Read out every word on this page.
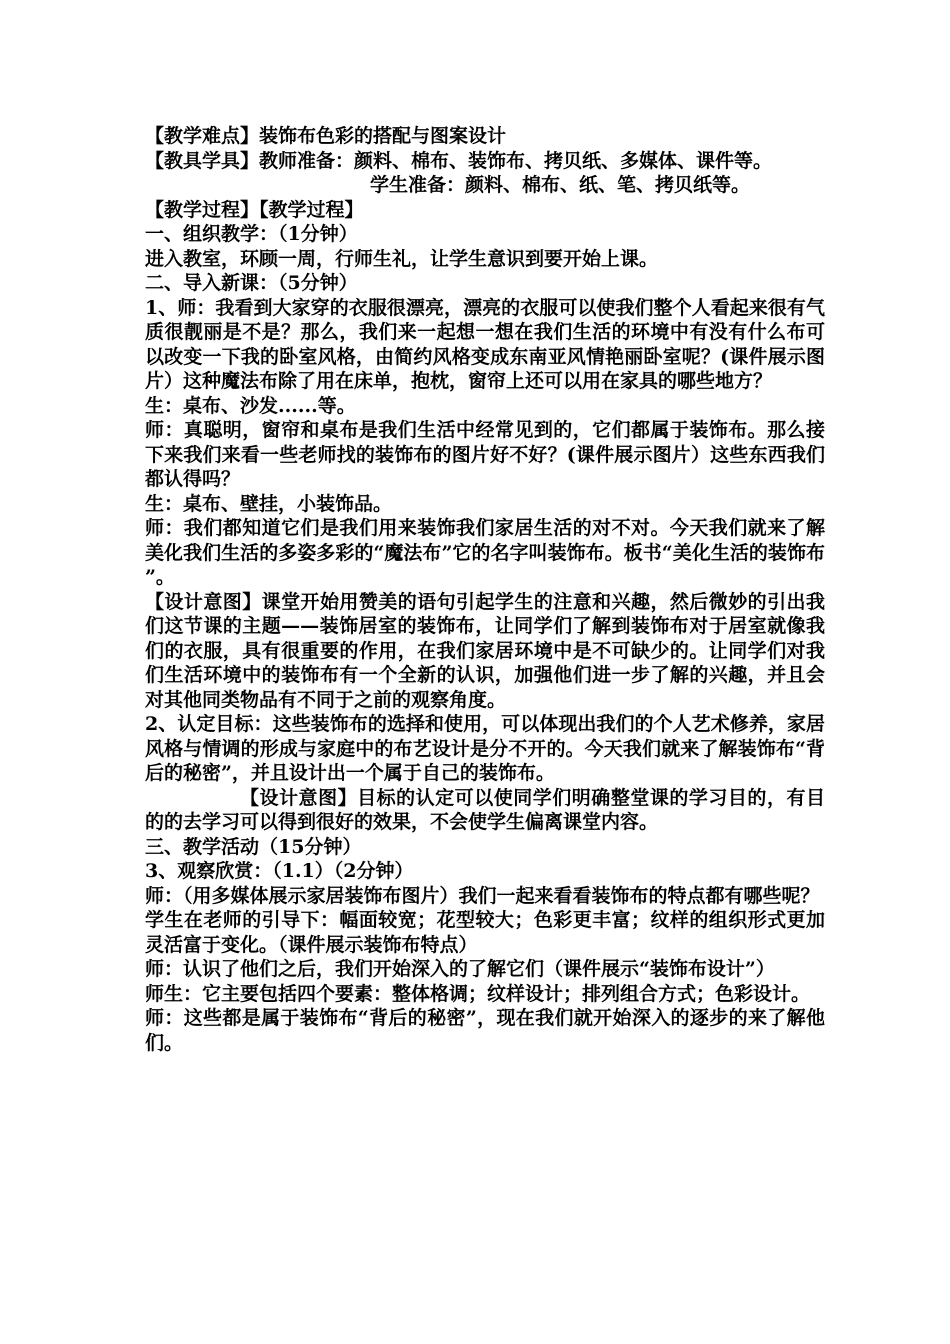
【教学难点】装饰布色彩的搭配与图案设计

【教具学具】教师准备：颜料、棉布、装饰布、拷贝纸、多媒体、课件等。

学生准备：颜料、棉布、纸、笔、拷贝纸等。

【教学过程】【教学过程】

一、组织教学：（1分钟）

进入教室，环顾一周，行师生礼，让学生意识到要开始上课。

二、导入新课：（5分钟）

1、师：我看到大家穿的衣服很漂亮，漂亮的衣服可以使我们整个人看起来很有气质很靓丽是不是？那么，我们来一起想一想在我们生活的环境中有没有什么布可以改变一下我的卧室风格，由简约风格变成东南亚风情艳丽卧室呢？(课件展示图片）这种魔法布除了用在床单，抱枕，窗帘上还可以用在家具的哪些地方？

生：桌布、沙发......等。

师：真聪明，窗帘和桌布是我们生活中经常见到的，它们都属于装饰布。那么接下来我们来看一些老师找的装饰布的图片好不好？(课件展示图片）这些东西我们都认得吗？

生：桌布、壁挂，小装饰品。

师：我们都知道它们是我们用来装饰我们家居生活的对不对。今天我们就来了解美化我们生活的多姿多彩的“魔法布”它的名字叫装饰布。板书“美化生活的装饰布”。

【设计意图】课堂开始用赞美的语句引起学生的注意和兴趣，然后微妙的引出我们这节课的主题——装饰居室的装饰布，让同学们了解到装饰布对于居室就像我们的衣服，具有很重要的作用，在我们家居环境中是不可缺少的。让同学们对我们生活环境中的装饰布有一个全新的认识，加强他们进一步了解的兴趣，并且会对其他同类物品有不同于之前的观察角度。

2、认定目标：这些装饰布的选择和使用，可以体现出我们的个人艺术修养，家居风格与情调的形成与家庭中的布艺设计是分不开的。今天我们就来了解装饰布“背后的秘密”，并且设计出一个属于自己的装饰布。

【设计意图】目标的认定可以使同学们明确整堂课的学习目的，有目的的去学习可以得到很好的效果，不会使学生偏离课堂内容。

三、教学活动（15分钟）

3、观察欣赏：（1.1）（2分钟）

师：（用多媒体展示家居装饰布图片）我们一起来看看装饰布的特点都有哪些呢？

学生在老师的引导下：幅面较宽；花型较大；色彩更丰富；纹样的组织形式更加灵活富于变化。（课件展示装饰布特点）

师：认识了他们之后，我们开始深入的了解它们（课件展示“装饰布设计”）

师生：它主要包括四个要素：整体格调；纹样设计；排列组合方式；色彩设计。

师：这些都是属于装饰布“背后的秘密”，现在我们就开始深入的逐步的来了解他们。
